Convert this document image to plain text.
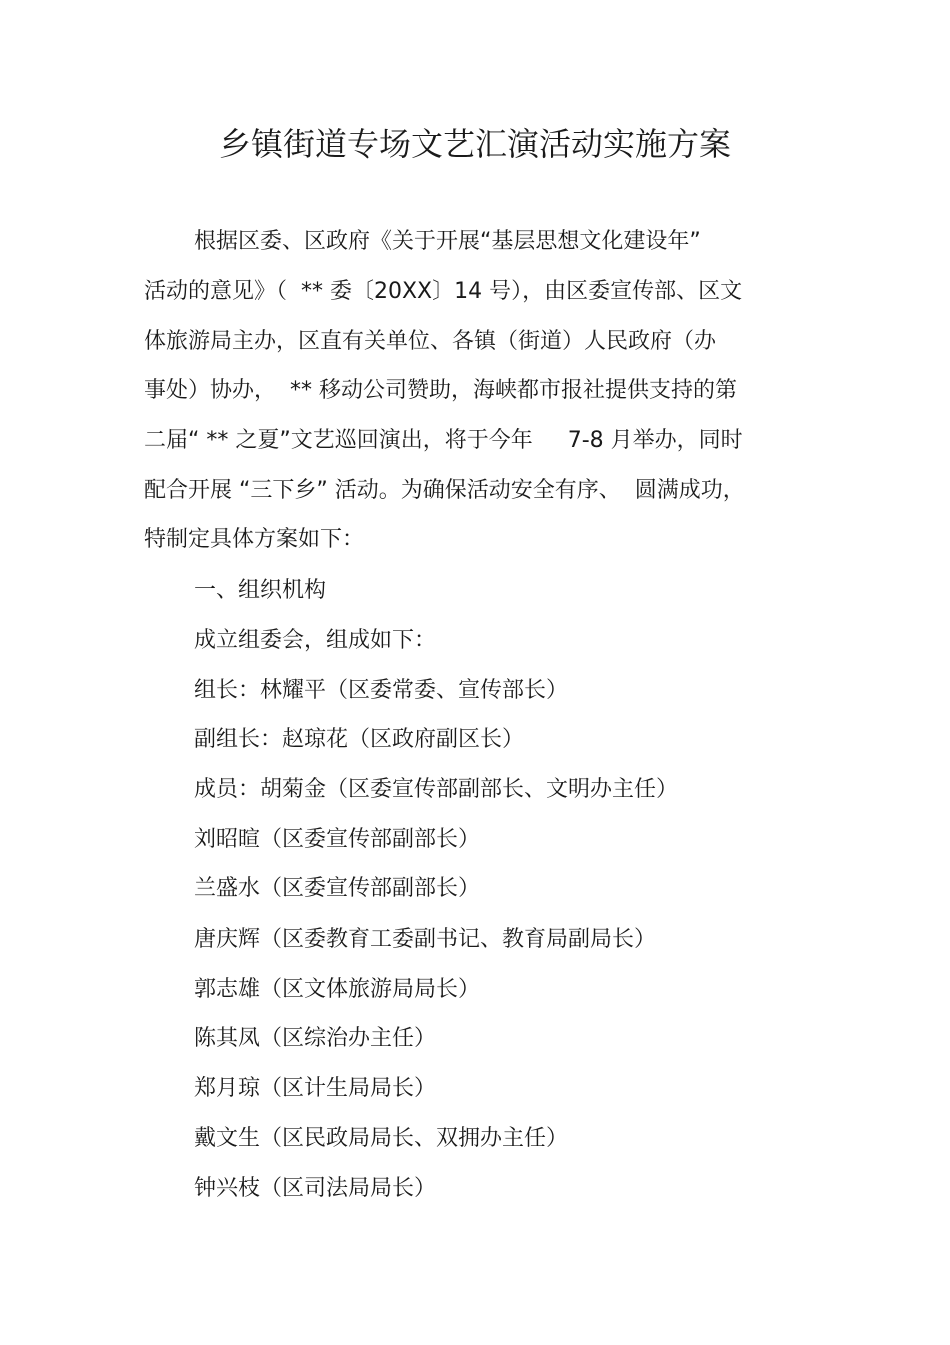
乡镇街道专场文艺汇演活动实施方案
根据区委、区政府《关于开展“基层思想文化建设年”
活动的意见》（  ** 委〔20XX〕14 号），由区委宣传部、区文
体旅游局主办，区直有关单位、各镇（街道）人民政府（办
事处）协办，  ** 移动公司赞助，海峡都市报社提供支持的第
二届“ ** 之夏”文艺巡回演出，将于今年     7-8 月举办，同时
配合开展 “三下乡” 活动。为确保活动安全有序、  圆满成功，
特制定具体方案如下：
一、组织机构
成立组委会，组成如下：
组长：林耀平（区委常委、宣传部长）
副组长：赵琼花（区政府副区长）
成员：胡菊金（区委宣传部副部长、文明办主任）
刘昭暄（区委宣传部副部长）
兰盛水（区委宣传部副部长）
唐庆辉（区委教育工委副书记、教育局副局长）
郭志雄（区文体旅游局局长）
陈其凤（区综治办主任）
郑月琼（区计生局局长）
戴文生（区民政局局长、双拥办主任）
钟兴枝（区司法局局长）
